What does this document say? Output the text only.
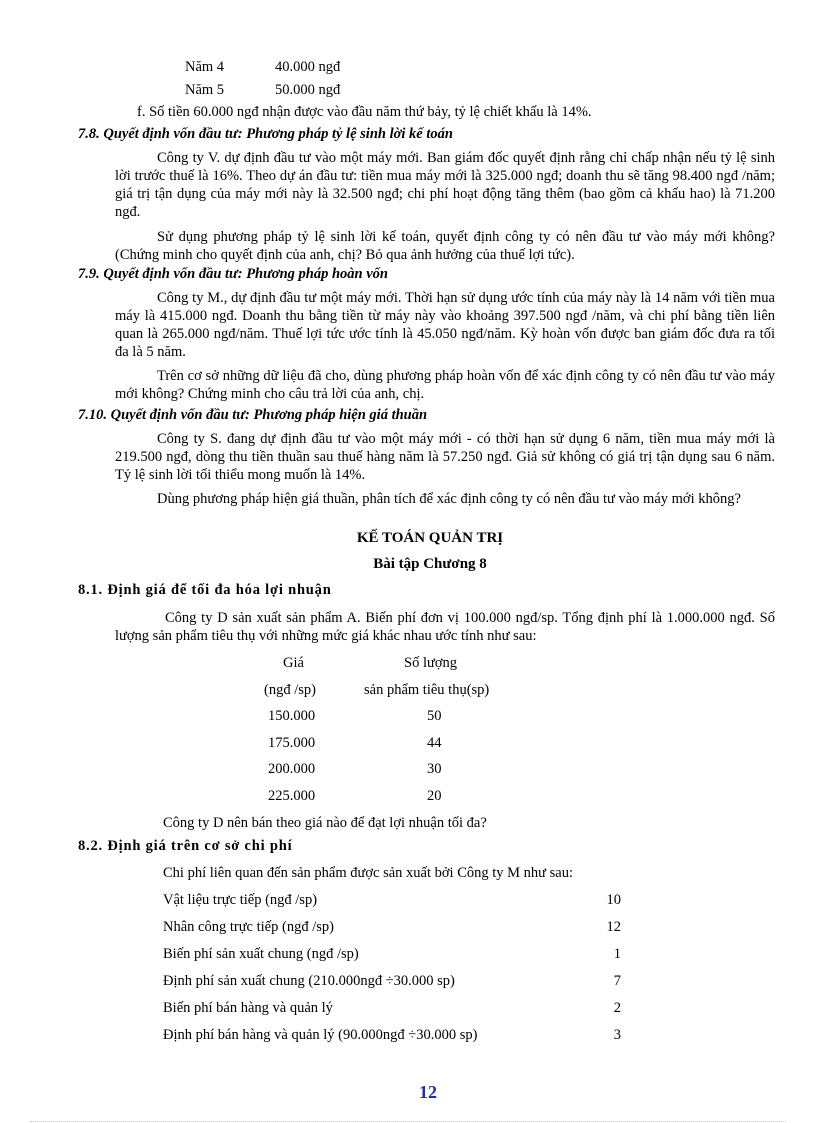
Năm 4	40.000 ngđ
Năm 5	50.000 ngđ
f. Số tiền 60.000 ngđ nhận được vào đầu năm thứ bảy, tỷ lệ chiết khấu là 14%.
7.8. Quyết định vốn đầu tư: Phương pháp tỷ lệ sinh lời kế toán
Công ty V. dự định đầu tư vào một máy mới. Ban giám đốc quyết định rằng chỉ chấp nhận nếu tỷ lệ sinh lời trước thuế là 16%. Theo dự án đầu tư: tiền mua máy mới là 325.000 ngđ; doanh thu sẽ tăng 98.400 ngđ /năm; giá trị tận dụng của máy mới này là 32.500 ngđ; chi phí hoạt động tăng thêm (bao gồm cả khấu hao) là 71.200 ngđ.
Sử dụng phương pháp tỷ lệ sinh lời kế toán, quyết định công ty có nên đầu tư vào máy mới không? (Chứng minh cho quyết định của anh, chị? Bỏ qua ảnh hưởng của thuế lợi tức).
7.9. Quyết định vốn đầu tư: Phương pháp hoàn vốn
Công ty M., dự định đầu tư một máy mới. Thời hạn sử dụng ước tính của máy này là 14 năm với tiền mua máy là 415.000 ngđ. Doanh thu bằng tiền từ máy này vào khoảng 397.500 ngđ /năm, và chi phí bằng tiền liên quan là 265.000 ngđ/năm. Thuế lợi tức ước tính là 45.050 ngđ/năm. Kỳ hoàn vốn được ban giám đốc đưa ra tối đa là 5 năm.
Trên cơ sở những dữ liệu đã cho, dùng phương pháp hoàn vốn để xác định công ty có nên đầu tư vào máy mới không? Chứng minh cho câu trả lời của anh, chị.
7.10. Quyết định vốn đầu tư: Phương pháp hiện giá thuần
Công ty S. đang dự định đầu tư vào một máy mới - có thời hạn sử dụng 6 năm, tiền mua máy mới là 219.500 ngđ, dòng thu tiền thuần sau thuế hàng năm là 57.250 ngđ. Giả sử không có giá trị tận dụng sau 6 năm. Tỷ lệ sinh lời tối thiểu mong muốn là 14%.
Dùng phương pháp hiện giá thuần, phân tích để xác định công ty có nên đầu tư vào máy mới không?
KẾ TOÁN QUẢN TRỊ
Bài tập Chương 8
8.1. Định giá để tối đa hóa lợi nhuận
Công ty D sản xuất sản phẩm A. Biến phí đơn vị 100.000 ngđ/sp. Tổng định phí là 1.000.000 ngđ. Số lượng sản phẩm tiêu thụ với những mức giá khác nhau ước tính như sau:
Giá
(ngđ /sp)
Số lượng
sản phẩm tiêu thụ(sp)
150.000	50
175.000	44
200.000	30
225.000	20
Công ty D nên bán theo giá nào để đạt lợi nhuận tối đa?
8.2. Định giá trên cơ sở chi phí
Chi phí liên quan đến sản phẩm được sản xuất bởi Công ty M như sau:
Vật liệu trực tiếp (ngđ /sp)	10
Nhân công trực tiếp (ngđ /sp)	12
Biến phí sản xuất chung (ngđ /sp)	1
Định phí sản xuất chung (210.000ngđ ÷30.000 sp)	7
Biến phí bán hàng và quản lý	2
Định phí bán hàng và quản lý (90.000ngđ ÷30.000 sp)	3
12
